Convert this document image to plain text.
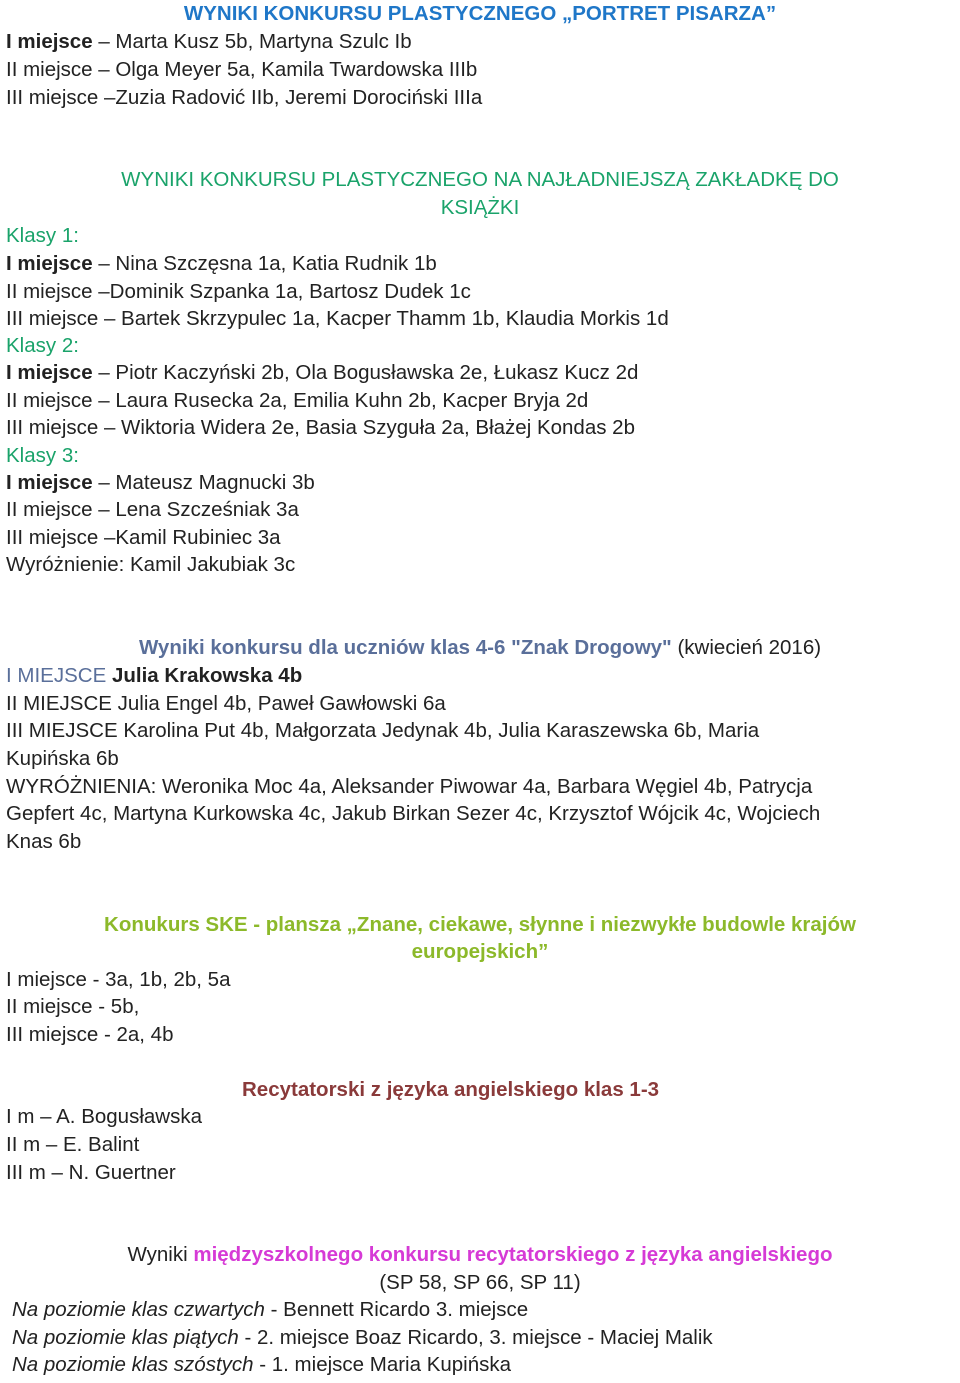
WYNIKI KONKURSU PLASTYCZNEGO „PORTRET PISARZA”
I miejsce – Marta Kusz 5b, Martyna Szulc Ib
II miejsce – Olga Meyer 5a, Kamila Twardowska IIIb
III miejsce –Zuzia Radović IIb, Jeremi Dorociński IIIa
WYNIKI KONKURSU PLASTYCZNEGO NA NAJŁADNIEJSZĄ ZAKŁADKĘ DO
KSIĄŻKI
Klasy 1:
I miejsce – Nina Szczęsna 1a, Katia Rudnik 1b
II miejsce –Dominik Szpanka 1a, Bartosz Dudek 1c
III miejsce – Bartek Skrzypulec 1a, Kacper Thamm 1b, Klaudia Morkis 1d
Klasy 2:
I miejsce – Piotr Kaczyński 2b, Ola Bogusławska 2e, Łukasz Kucz 2d
II miejsce – Laura Rusecka 2a, Emilia Kuhn 2b, Kacper Bryja 2d
III miejsce – Wiktoria Widera 2e, Basia Szyguła 2a, Błażej Kondas 2b
Klasy 3:
I miejsce – Mateusz Magnucki 3b
II miejsce – Lena Szcześniak 3a
III miejsce –Kamil Rubiniec 3a
Wyróżnienie: Kamil Jakubiak 3c
Wyniki konkursu dla uczniów klas 4-6 "Znak Drogowy" (kwiecień 2016)
I MIEJSCE Julia Krakowska 4b
II MIEJSCE Julia Engel 4b, Paweł Gawłowski 6a
III MIEJSCE Karolina Put 4b, Małgorzata Jedynak 4b, Julia Karaszewska 6b, Maria
Kupińska 6b
WYRÓŻNIENIA: Weronika Moc 4a, Aleksander Piwowar 4a, Barbara Węgiel 4b, Patrycja
Gepfert 4c, Martyna Kurkowska 4c, Jakub Birkan Sezer 4c, Krzysztof Wójcik 4c, Wojciech
Knas 6b
Konukurs SKE - plansza „Znane, ciekawe, słynne i niezwykłe budowle krajów
europejskich”
I miejsce - 3a, 1b, 2b, 5a
II miejsce - 5b,
III miejsce - 2a, 4b
Recytatorski z języka angielskiego klas 1-3
I m – A. Bogusławska
II m – E. Balint
III m – N. Guertner
Wyniki międzyszkolnego konkursu recytatorskiego z języka angielskiego
(SP 58, SP 66, SP 11)
Na poziomie klas czwartych - Bennett Ricardo 3. miejsce
Na poziomie klas piątych - 2. miejsce Boaz Ricardo, 3. miejsce - Maciej Malik
Na poziomie klas szóstych - 1. miejsce Maria Kupińska
